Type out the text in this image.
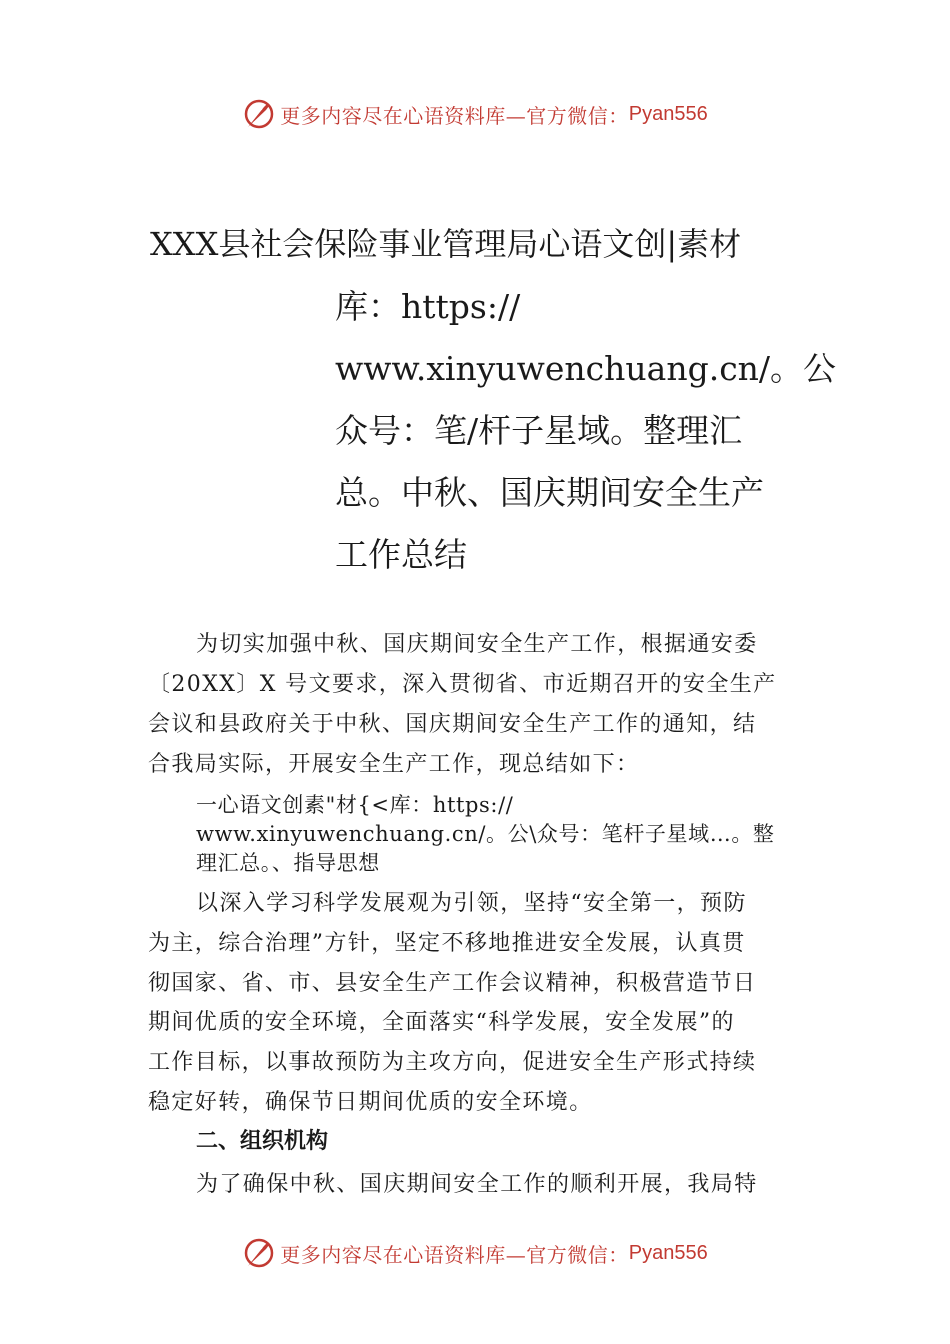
更多内容尽在心语资料库—官方微信： Pyan556
XXX县社会保险事业管理局心语文创|素材
库：https://
www.xinyuwenchuang.cn/。公
众号：笔/杆子星域。整理汇
总。中秋、国庆期间安全生产
工作总结
为切实加强中秋、国庆期间安全生产工作，根据通安委
〔20XX〕X 号文要求，深入贯彻省、市近期召开的安全生产
会议和县政府关于中秋、国庆期间安全生产工作的通知，结
合我局实际，开展安全生产工作，现总结如下：
一心语文创素"材{<库：https://
www.xinyuwenchuang.cn/。公\众号：笔杆子星域…。整
理汇总。、指导思想
以深入学习科学发展观为引领，坚持“安全第一，预防
为主，综合治理”方针，坚定不移地推进安全发展，认真贯
彻国家、省、市、县安全生产工作会议精神，积极营造节日
期间优质的安全环境，全面落实“科学发展，安全发展”的
工作目标，以事故预防为主攻方向，促进安全生产形式持续
稳定好转，确保节日期间优质的安全环境。
二、组织机构
为了确保中秋、国庆期间安全工作的顺利开展，我局特
更多内容尽在心语资料库—官方微信： Pyan556
